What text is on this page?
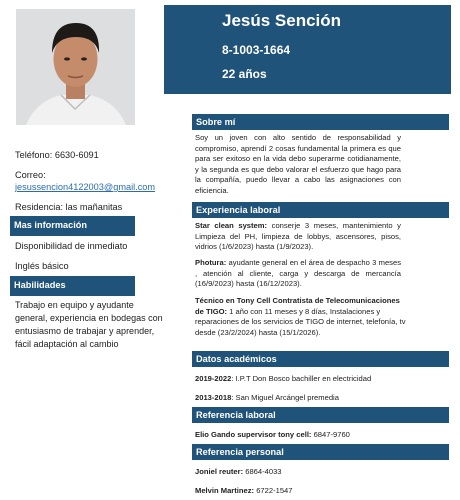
Jesús Sención
8-1003-1664
22 años
Teléfono: 6630-6091
Correo:
jesussencion4122003@gmail.com
Residencia: las mañanitas
Mas información
Disponibilidad de inmediato
Inglés básico
Habilidades
Trabajo en equipo y ayudante general, experiencia en bodegas con entusiasmo de trabajar y aprender, fácil adaptación al cambio
Sobre mí
Soy un joven con alto sentido de responsabilidad y compromiso, aprendí 2 cosas fundamental la primera es que para ser exitoso en la vida debo superarme cotidianamente, y la segunda es que debo valorar el esfuerzo que hago para la compañía, puedo llevar a cabo las asignaciones con eficiencia.
Experiencia laboral
Star clean system: conserje 3 meses, mantenimiento y Limpieza del PH, limpieza de lobbys, ascensores, pisos, vidrios (1/6/2023) hasta (1/9/2023).
Photura: ayudante general en el área de despacho 3 meses , atención al cliente, carga y descarga de mercancía (16/9/2023) hasta (16/12/2023).
Técnico en Tony Cell Contratista de Telecomunicaciones de TIGO: 1 año con 11 meses y 8 días, Instalaciones y reparaciones de los servicios de TIGO de internet, telefonía, tv desde (23/2/2024) hasta (15/1/2026).
Datos académicos
2019-2022: I.P.T Don Bosco bachiller en electricidad
2013-2018: San Miguel Arcángel premedia
Referencia laboral
Elio Gando supervisor tony cell: 6847-9760
Referencia personal
Joniel reuter: 6864-4033
Melvin Martinez: 6722-1547
